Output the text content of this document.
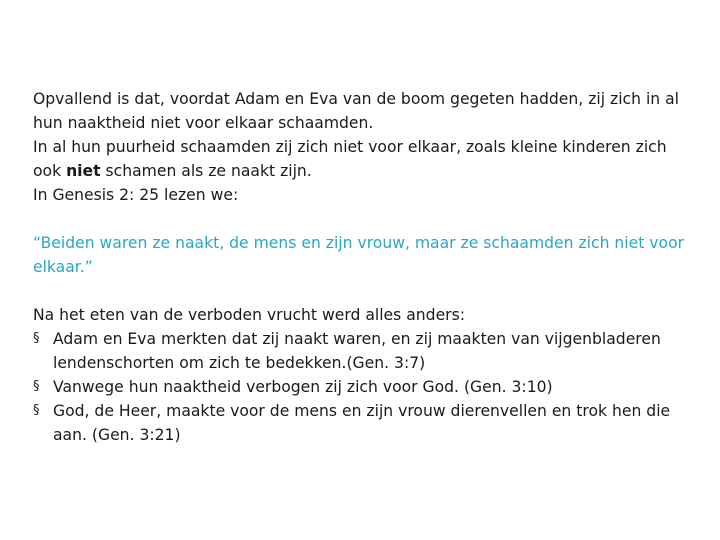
Opvallend is dat, voordat Adam en Eva van de boom gegeten hadden, zij zich in al hun naaktheid niet voor elkaar schaamden.

In al hun puurheid schaamden zij zich niet voor elkaar, zoals kleine kinderen zich ook niet schamen als ze naakt zijn.

In Genesis 2: 25 lezen we:

“Beiden waren ze naakt, de mens en zijn vrouw, maar ze schaamden zich niet voor elkaar.”

Na het eten van de verboden vrucht werd alles anders:

§ Adam en Eva merkten dat zij naakt waren, en zij maakten van vijgenbladeren lendenschorten om zich te bedekken.(Gen. 3:7)
§ Vanwege hun naaktheid verbogen zij zich voor God. (Gen. 3:10)
§ God, de Heer, maakte voor de mens en zijn vrouw dierenvellen en trok hen die aan. (Gen. 3:21)
